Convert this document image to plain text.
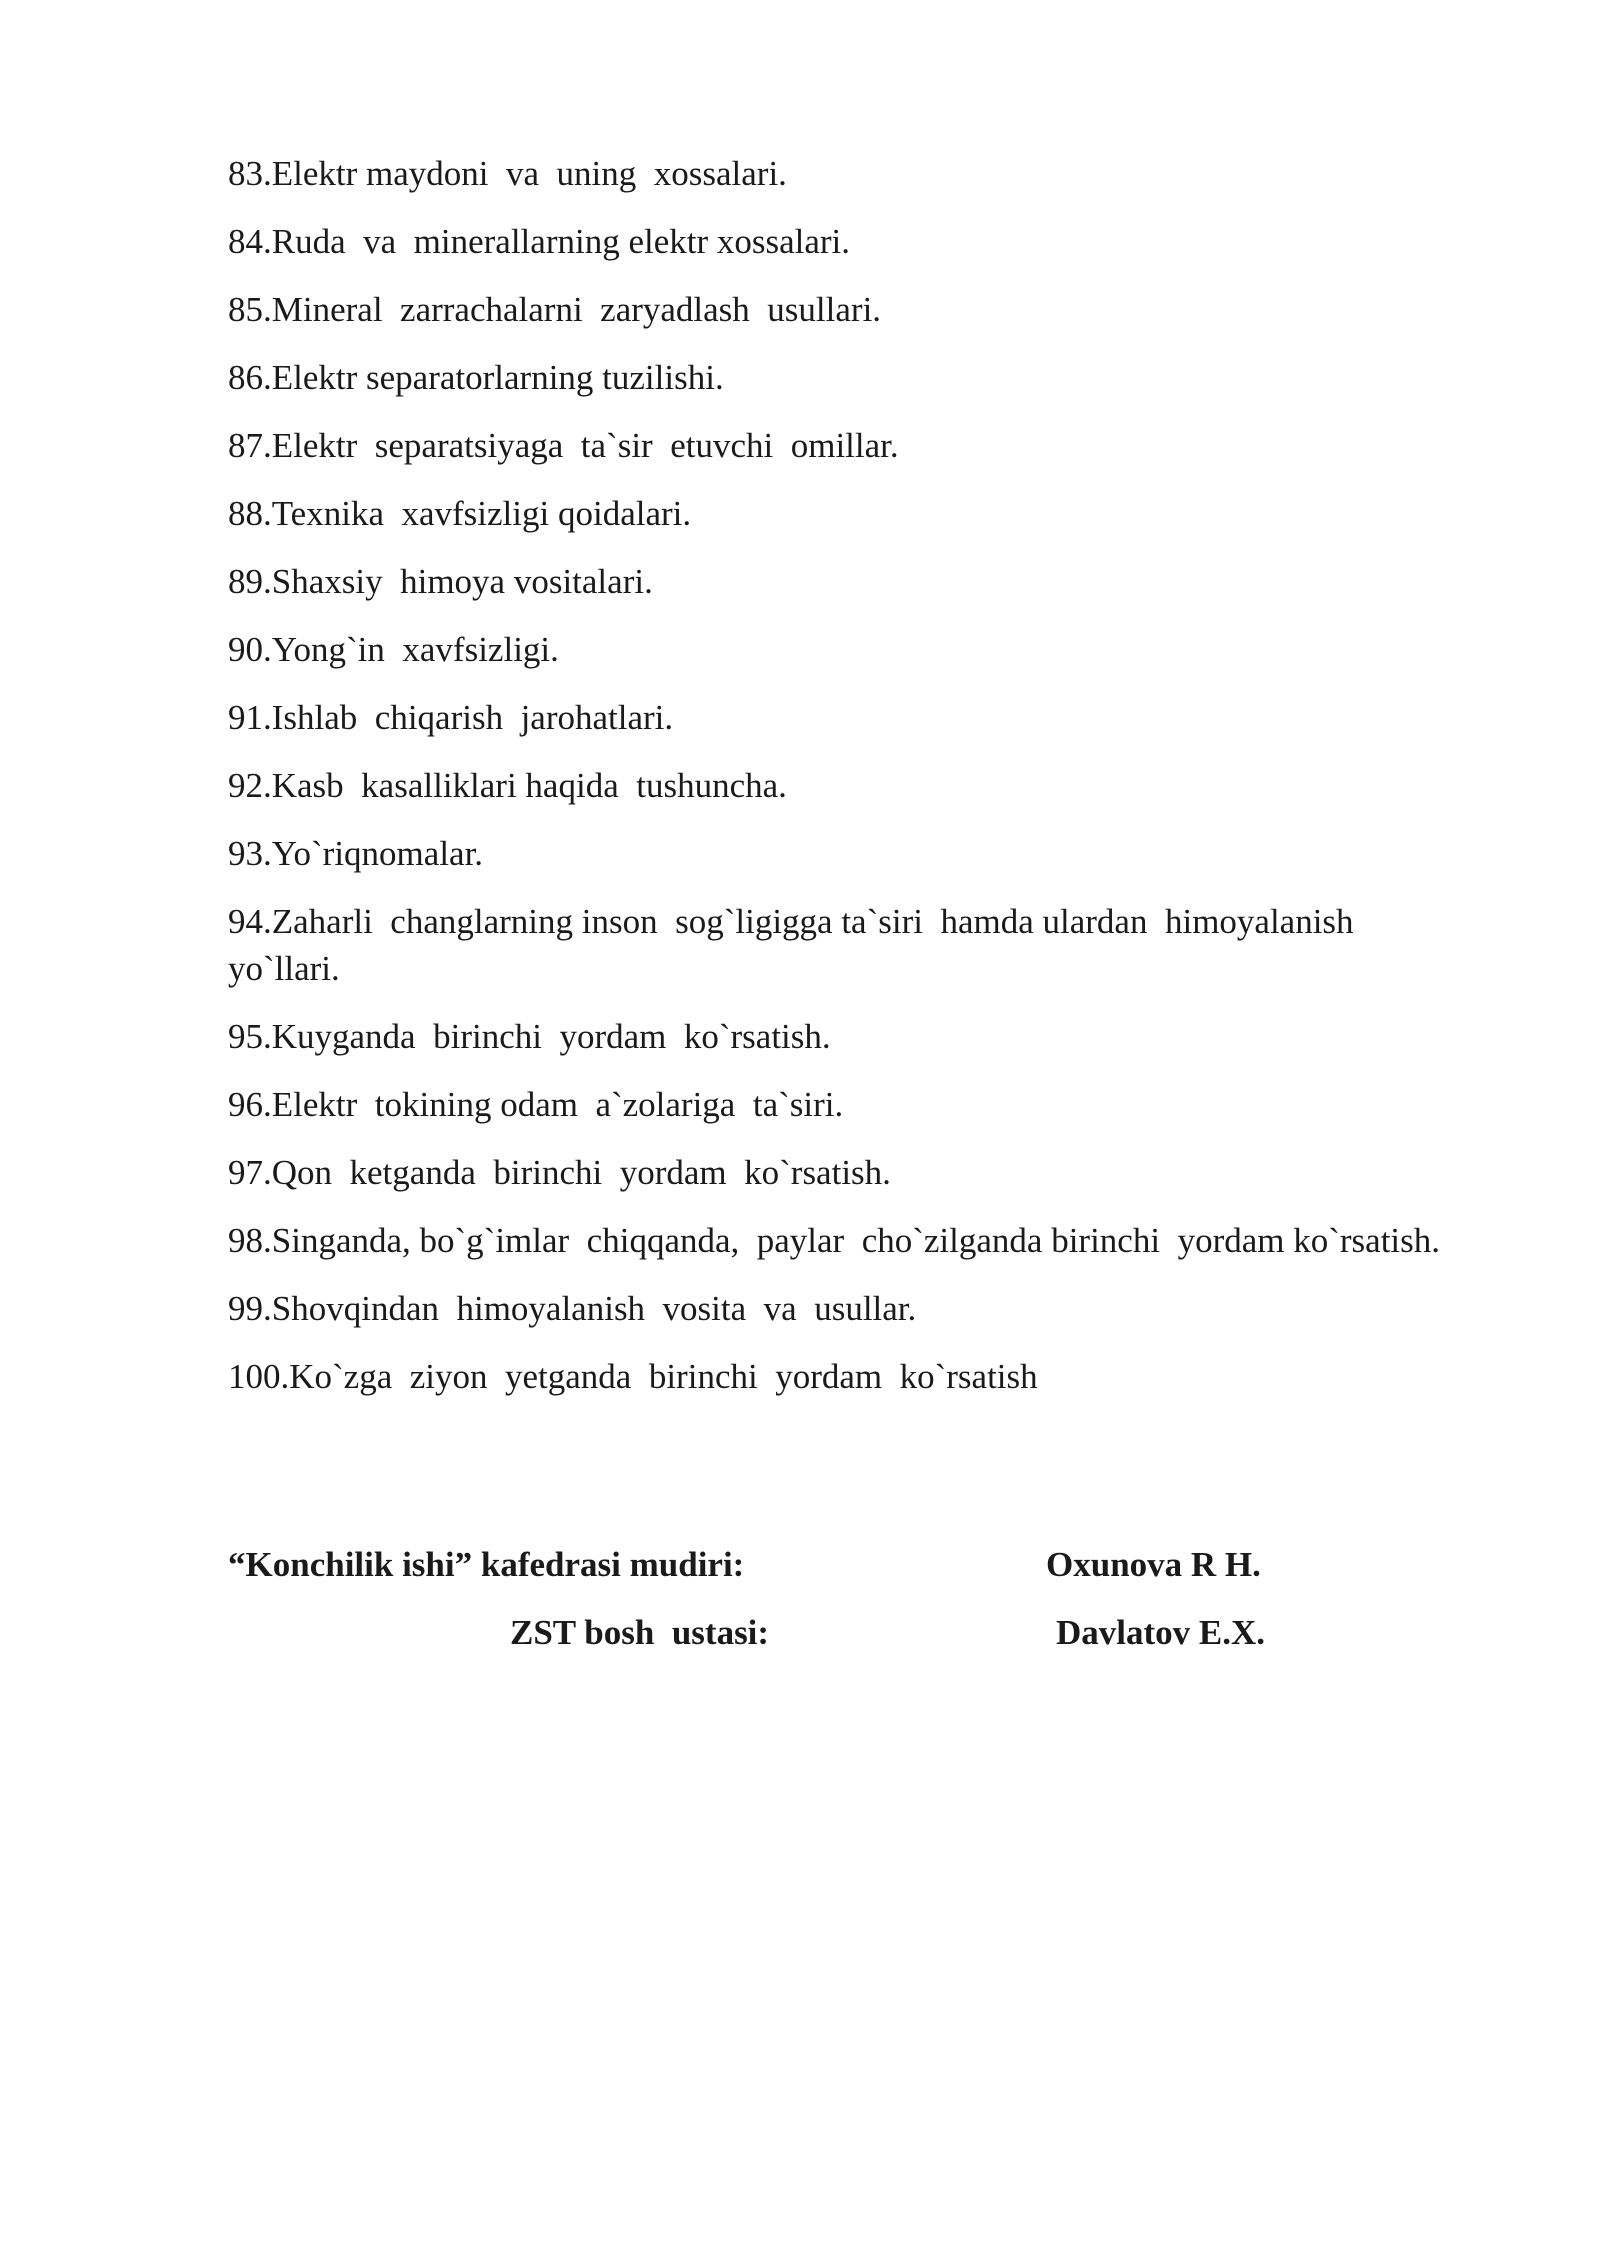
83.Elektr maydoni  va  uning  xossalari.
84.Ruda  va  minerallarning elektr xossalari.
85.Mineral  zarrachalarni  zaryadlash  usullari.
86.Elektr separatorlarning tuzilishi.
87.Elektr  separatsiyaga  ta`sir  etuvchi  omillar.
88.Texnika  xavfsizligi qoidalari.
89.Shaxsiy  himoya vositalari.
90.Yong`in  xavfsizligi.
91.Ishlab  chiqarish  jarohatlari.
92.Kasb  kasalliklari haqida  tushuncha.
93.Yo`riqnomalar.
94.Zaharli  changlarning inson  sog`ligigga ta`siri  hamda ulardan  himoyalanish yo`llari.
95.Kuyganda  birinchi  yordam  ko`rsatish.
96.Elektr  tokining odam  a`zolariga  ta`siri.
97.Qon  ketganda  birinchi  yordam  ko`rsatish.
98.Singanda, bo`g`imlar  chiqqanda,  paylar  cho`zilganda birinchi  yordam ko`rsatish.
99.Shovqindan  himoyalanish  vosita  va  usullar.
100.Ko`zga  ziyon  yetganda  birinchi  yordam  ko`rsatish
“Konchilik ishi” kafedrasi mudiri:	Oxunova R H.
ZST bosh  ustasi:	Davlatov E.X.
